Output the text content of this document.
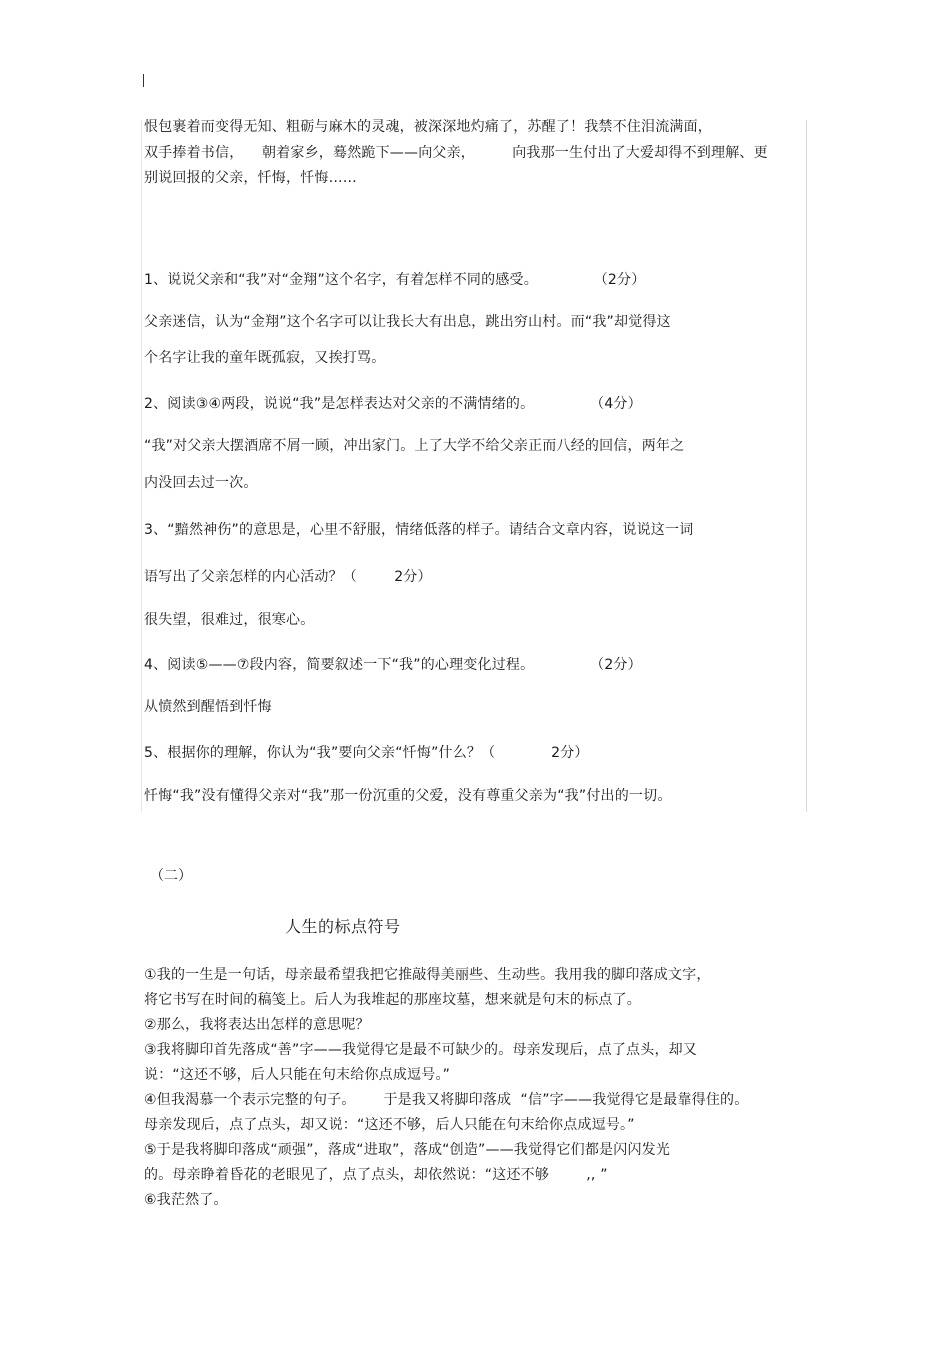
恨包裹着而变得无知、粗砺与麻木的灵魂，被深深地灼痛了，苏醒了！我禁不住泪流满面，
双手捧着书信，    朝着家乡，蓦然跪下——向父亲，        向我那一生付出了大爱却得不到理解、更
别说回报的父亲，忏悔，忏悔……
1、说说父亲和“我”对“金翔”这个名字，有着怎样不同的感受。            （2分）
父亲迷信，认为“金翔”这个名字可以让我长大有出息，跳出穷山村。而“我”却觉得这
个名字让我的童年既孤寂，又挨打骂。
2、阅读③④两段，说说“我”是怎样表达对父亲的不满情绪的。            （4分）
“我”对父亲大摆酒席不屑一顾，冲出家门。上了大学不给父亲正而八经的回信，两年之
内没回去过一次。
3、“黯然神伤”的意思是，心里不舒服，情绪低落的样子。请结合文章内容，说说这一词
语写出了父亲怎样的内心活动？（        2分）
很失望，很难过，很寒心。
4、阅读⑤——⑦段内容，简要叙述一下“我”的心理变化过程。            （2分）
从愤然到醒悟到忏悔
5、根据你的理解，你认为“我”要向父亲“忏悔”什么？（            2分）
忏悔“我”没有懂得父亲对“我”那一份沉重的父爱，没有尊重父亲为“我”付出的一切。
（二）
人生的标点符号
①我的一生是一句话，母亲最希望我把它推敲得美丽些、生动些。我用我的脚印落成文字，
将它书写在时间的稿笺上。后人为我堆起的那座坟墓，想来就是句末的标点了。
②那么，我将表达出怎样的意思呢？
③我将脚印首先落成“善”字——我觉得它是最不可缺少的。母亲发现后，点了点头，却又
说：“这还不够，后人只能在句末给你点成逗号。”
④但我渴慕一个表示完整的句子。      于是我又将脚印落成  “信”字——我觉得它是最靠得住的。
母亲发现后，点了点头，却又说：“这还不够，后人只能在句末给你点成逗号。”
⑤于是我将脚印落成“顽强”，落成“进取”，落成“创造”——我觉得它们都是闪闪发光
的。母亲睁着昏花的老眼见了，点了点头，却依然说：“这还不够        ,, ”
⑥我茫然了。
